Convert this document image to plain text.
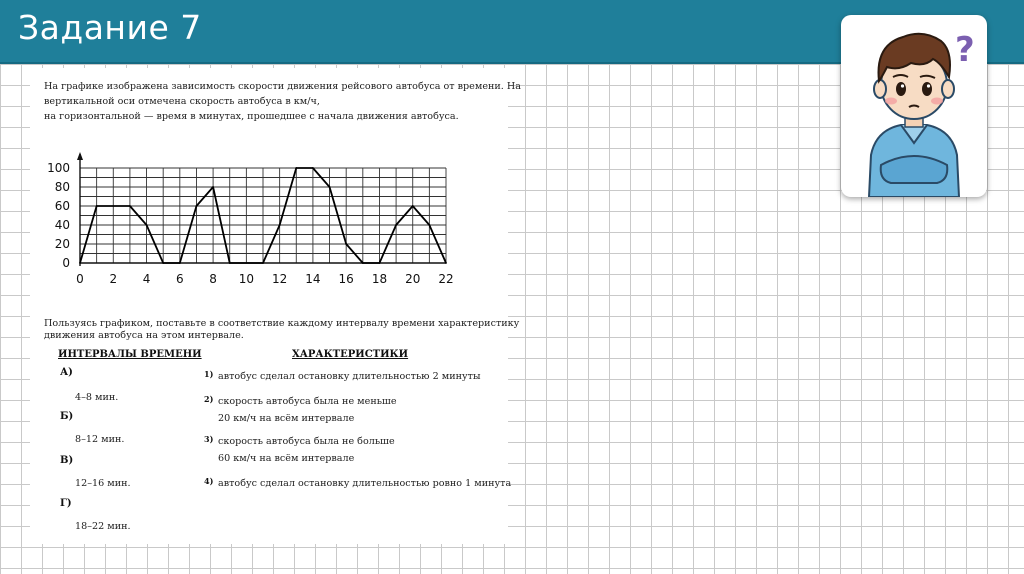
Задание 7
?
На графике изображена зависимость скорости движения рейсового автобуса от времени. На
вертикальной оси отмечена скорость автобуса в км/ч,
на горизонтальной — время в минутах, прошедшее с начала движения автобуса.
0
20
40
60
80
100
0 2 4 6 8 10 12 14 16 18 20 22
Пользуясь графиком, поставьте в соответствие каждому интервалу времени характеристику
движения автобуса на этом интервале.
ИНТЕРВАЛЫ ВРЕМЕНИ	ХАРАКТЕРИСТИКИ
А)
4–8 мин.
Б)
8–12 мин.
В)
12–16 мин.
Г)
18–22 мин.
1) автобус сделал остановку длительностью 2 минуты
2) скорость автобуса была не меньше
20 км/ч на всём интервале
3) скорость автобуса была не больше
60 км/ч на всём интервале
4) автобус сделал остановку длительностью ровно 1 минута
